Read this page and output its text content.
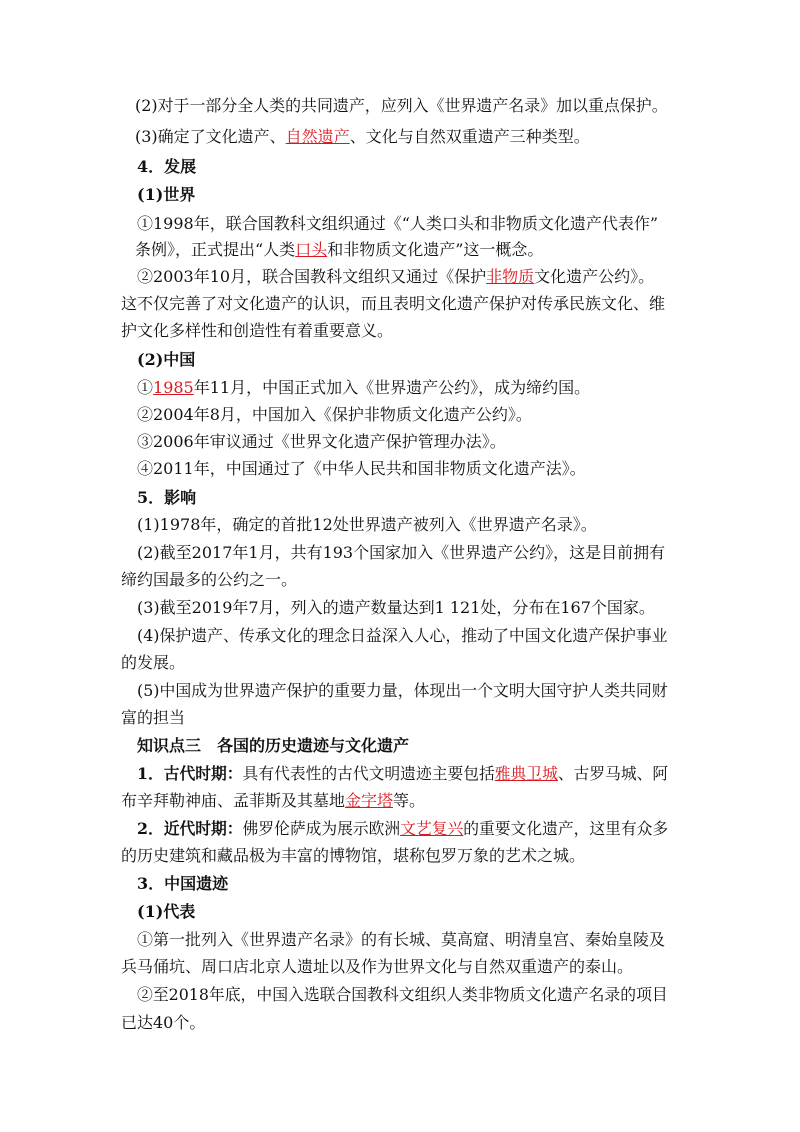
(2)对于一部分全人类的共同遗产，应列入《世界遗产名录》加以重点保护。
(3)确定了文化遗产、自然遗产、文化与自然双重遗产三种类型。
4．发展
(1)世界
①1998年，联合国教科文组织通过《“人类口头和非物质文化遗产代表作”
条例》，正式提出“人类口头和非物质文化遗产”这一概念。
②2003年10月，联合国教科文组织又通过《保护非物质文化遗产公约》。
这不仅完善了对文化遗产的认识，而且表明文化遗产保护对传承民族文化、维
护文化多样性和创造性有着重要意义。
(2)中国
①1985年11月，中国正式加入《世界遗产公约》，成为缔约国。
②2004年8月，中国加入《保护非物质文化遗产公约》。
③2006年审议通过《世界文化遗产保护管理办法》。
④2011年，中国通过了《中华人民共和国非物质文化遗产法》。
5．影响
(1)1978年，确定的首批12处世界遗产被列入《世界遗产名录》。
(2)截至2017年1月，共有193个国家加入《世界遗产公约》，这是目前拥有
缔约国最多的公约之一。
(3)截至2019年7月，列入的遗产数量达到1 121处，分布在167个国家。
(4)保护遗产、传承文化的理念日益深入人心，推动了中国文化遗产保护事业
的发展。
(5)中国成为世界遗产保护的重要力量，体现出一个文明大国守护人类共同财
富的担当
知识点三　各国的历史遗迹与文化遗产
1．古代时期：具有代表性的古代文明遗迹主要包括雅典卫城、古罗马城、阿
布辛拜勒神庙、孟菲斯及其墓地金字塔等。
2．近代时期：佛罗伦萨成为展示欧洲文艺复兴的重要文化遗产，这里有众多
的历史建筑和藏品极为丰富的博物馆，堪称包罗万象的艺术之城。
3．中国遗迹
(1)代表
①第一批列入《世界遗产名录》的有长城、莫高窟、明清皇宫、秦始皇陵及
兵马俑坑、周口店北京人遗址以及作为世界文化与自然双重遗产的泰山。
②至2018年底，中国入选联合国教科文组织人类非物质文化遗产名录的项目
已达40个。
